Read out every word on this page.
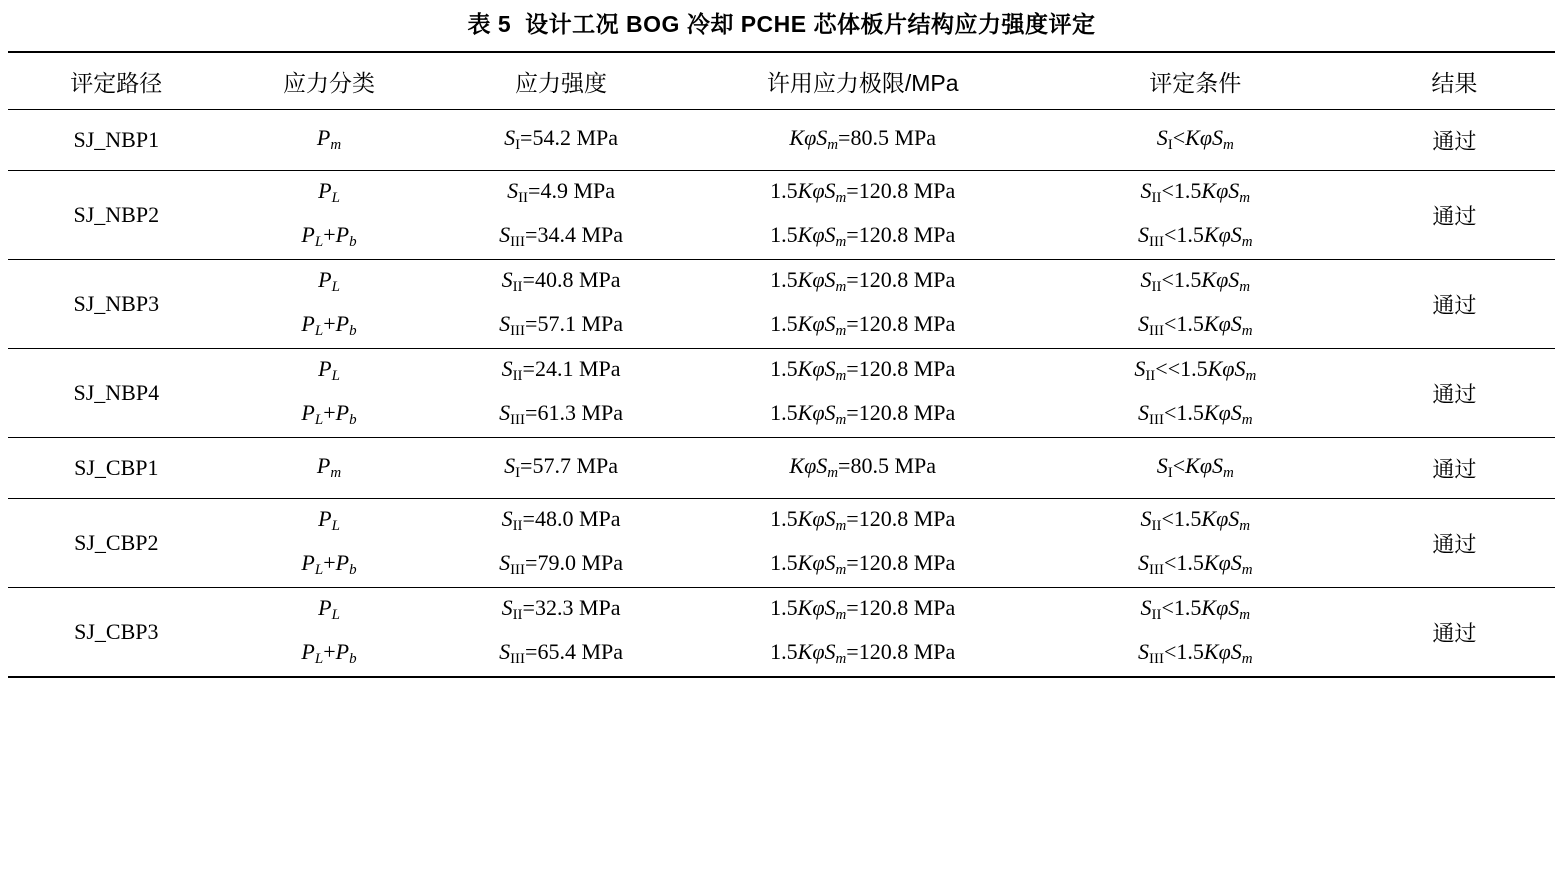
表 5 设计工况 BOG 冷却 PCHE 芯体板片结构应力强度评定
评定路径	应力分类	应力强度	许用应力极限/MPa	评定条件	结果
SJ_NBP1	$P_m$	$S_I=54.2$ MPa	KφS$_m$=80.5 MPa	$S_I<K\varphi S_m$	通过
SJ_NBP2	$P_L$	$S_{II}=4.9$ MPa	1.5KφS$_m$=120.8 MPa	$S_{II}<1.5K\varphi S_m$	通过
	$P_L+P_b$	$S_{III}=34.4$ MPa	1.5KφS$_m$=120.8 MPa	$S_{III}<1.5K\varphi S_m$
SJ_NBP3	$P_L$	$S_{II}=40.8$ MPa	1.5KφS$_m$=120.8 MPa	$S_{II}<1.5K\varphi S_m$	通过
	$P_L+P_b$	$S_{III}=57.1$ MPa	1.5KφS$_m$=120.8 MPa	$S_{III}<1.5K\varphi S_m$
SJ_NBP4	$P_L$	$S_{II}=24.1$ MPa	1.5KφS$_m$=120.8 MPa	$S_{II}<<1.5K\varphi S_m$	通过
	$P_L+P_b$	$S_{III}=61.3$ MPa	1.5KφS$_m$=120.8 MPa	$S_{III}<1.5K\varphi S_m$
SJ_CBP1	$P_m$	$S_I=57.7$ MPa	KφS$_m$=80.5 MPa	$S_I<K\varphi S_m$	通过
SJ_CBP2	$P_L$	$S_{II}=48.0$ MPa	1.5KφS$_m$=120.8 MPa	$S_{II}<1.5K\varphi S_m$	通过
	$P_L+P_b$	$S_{III}=79.0$ MPa	1.5KφS$_m$=120.8 MPa	$S_{III}<1.5K\varphi S_m$
SJ_CBP3	$P_L$	$S_{II}=32.3$ MPa	1.5KφS$_m$=120.8 MPa	$S_{II}<1.5K\varphi S_m$	通过
	$P_L+P_b$	$S_{III}=65.4$ MPa	1.5KφS$_m$=120.8 MPa	$S_{III}<1.5K\varphi S_m$
